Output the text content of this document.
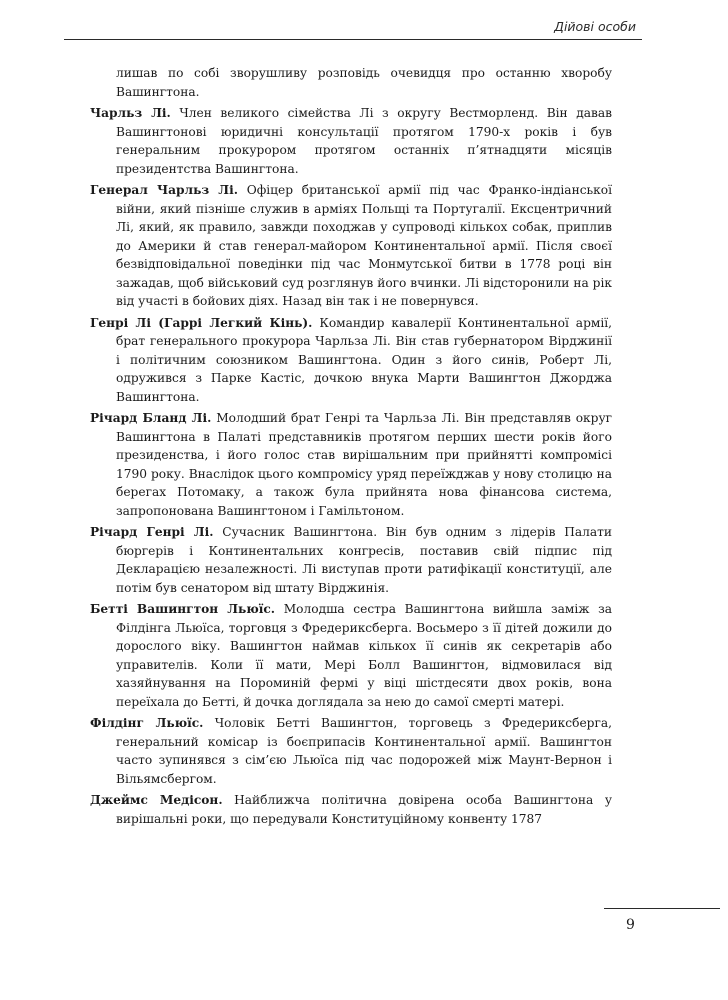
Дійові особи

лишав по собі зворушливу розповідь очевидця про останню хворобу Вашингтона.

Чарльз Лі. Член великого сімейства Лі з округу Вестморленд. Він давав Вашингтонові юридичні консультації протягом 1790-х років і був генеральним прокурором протягом останніх п’ятнадцяти місяців президентства Вашингтона.

Генерал Чарльз Лі. Офіцер британської армії під час Франко-індіанської війни, який пізніше служив в арміях Польщі та Португалії. Ексцентричний Лі, який, як правило, завжди походжав у супроводі кількох собак, приплив до Америки й став генерал-майором Континентальної армії. Після своєї безвідповідальної поведінки під час Монмутської битви в 1778 році він зажадав, щоб військовий суд розглянув його вчинки. Лі відсторонили на рік від участі в бойових діях. Назад він так і не повернувся.

Генрі Лі (Гаррі Легкий Кінь). Командир кавалерії Континентальної армії, брат генерального прокурора Чарльза Лі. Він став губернатором Вірджинії і політичним союзником Вашингтона. Один з його синів, Роберт Лі, одружився з Парке Кастіс, дочкою внука Марти Вашингтон Джорджа Вашингтона.

Річард Бланд Лі. Молодший брат Генрі та Чарльза Лі. Він представляв округ Вашингтона в Палаті представників протягом перших шести років його президенства, і його голос став вирішальним при прийнятті компромісі 1790 року. Внаслідок цього компромісу уряд переїжджав у нову столицю на берегах Потомаку, а також була прийнята нова фінансова система, запропонована Вашингтоном і Гамільтоном.

Річард Генрі Лі. Сучасник Вашингтона. Він був одним з лідерів Палати бюргерів і Континентальних конгресів, поставив свій підпис під Декларацією незалежності. Лі виступав проти ратифікації конституції, але потім був сенатором від штату Вірджинія.

Бетті Вашингтон Льюїс. Молодша сестра Вашингтона вийшла заміж за Філдінга Льюїса, торговця з Фредериксберга. Восьмеро з її дітей дожили до дорослого віку. Вашингтон наймав кількох її синів як секретарів або управителів. Коли її мати, Мері Болл Вашингтон, відмовилася від хазяйнування на Пороминій фермі у віці шістдесяти двох років, вона переїхала до Бетті, й дочка доглядала за нею до самої смерті матері.

Філдінг Льюїс. Чоловік Бетті Вашингтон, торговець з Фредериксберга, генеральний комісар із боєприпасів Континентальної армії. Вашингтон часто зупинявся з сім’єю Льюїса під час подорожей між Маунт-Вернон і Вільямсбергом.

Джеймс Медісон. Найближча політична довірена особа Вашингтона у вирішальні роки, що передували Конституційному конвенту 1787

9
